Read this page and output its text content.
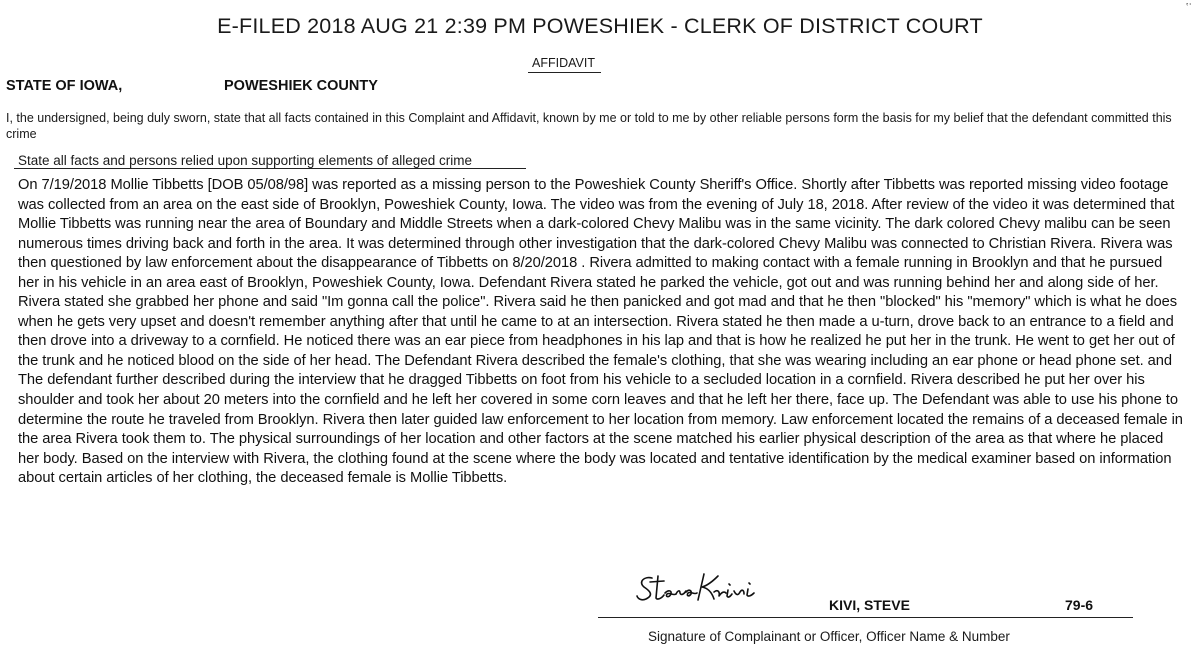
E-FILED 2018 AUG 21 2:39 PM POWESHIEK - CLERK OF DISTRICT COURT
ʽʿ
AFFIDAVIT
STATE OF IOWA,	POWESHIEK COUNTY
I, the undersigned, being duly sworn, state that all facts contained in this Complaint and Affidavit, known by me or told to me by other reliable persons form the basis for my belief that the defendant committed this crime
State all facts and persons relied upon supporting elements of alleged crime
On 7/19/2018 Mollie Tibbetts [DOB 05/08/98] was reported as a missing person to the Poweshiek County Sheriff's Office. Shortly after Tibbetts was reported missing video footage was collected from an area on the east side of Brooklyn, Poweshiek County, Iowa. The video was from the evening of July 18, 2018. After review of the video it was determined that Mollie Tibbetts was running near the area of Boundary and Middle Streets when a dark-colored Chevy Malibu was in the same vicinity. The dark colored Chevy malibu can be seen numerous times driving back and forth in the area. It was determined through other investigation that the dark-colored Chevy Malibu was connected to Christian Rivera. Rivera was then questioned by law enforcement about the disappearance of Tibbetts on 8/20/2018 . Rivera admitted to making contact with a female running in Brooklyn and that he pursued her in his vehicle in an area east of Brooklyn, Poweshiek County, Iowa. Defendant Rivera stated he parked the vehicle, got out and was running behind her and along side of her. Rivera stated she grabbed her phone and said "Im gonna call the police". Rivera said he then panicked and got mad and that he then "blocked" his "memory" which is what he does when he gets very upset and doesn't remember anything after that until he came to at an intersection. Rivera stated he then made a u-turn, drove back to an entrance to a field and then drove into a driveway to a cornfield. He noticed there was an ear piece from headphones in his lap and that is how he realized he put her in the trunk. He went to get her out of the trunk and he noticed blood on the side of her head. The Defendant Rivera described the female's clothing, that she was wearing including an ear phone or head phone set. and The defendant further described during the interview that he dragged Tibbetts on foot from his vehicle to a secluded location in a cornfield. Rivera described he put her over his shoulder and took her about 20 meters into the cornfield and he left her covered in some corn leaves and that he left her there, face up. The Defendant was able to use his phone to determine the route he traveled from Brooklyn. Rivera then later guided law enforcement to her location from memory. Law enforcement located the remains of a deceased female in the area Rivera took them to. The physical surroundings of her location and other factors at the scene matched his earlier physical description of the area as that where he placed her body. Based on the interview with Rivera, the clothing found at the scene where the body was located and tentative identification by the medical examiner based on information about certain articles of her clothing, the deceased female is Mollie Tibbetts.
KIVI, STEVE	79-6
Signature of Complainant or Officer, Officer Name & Number
